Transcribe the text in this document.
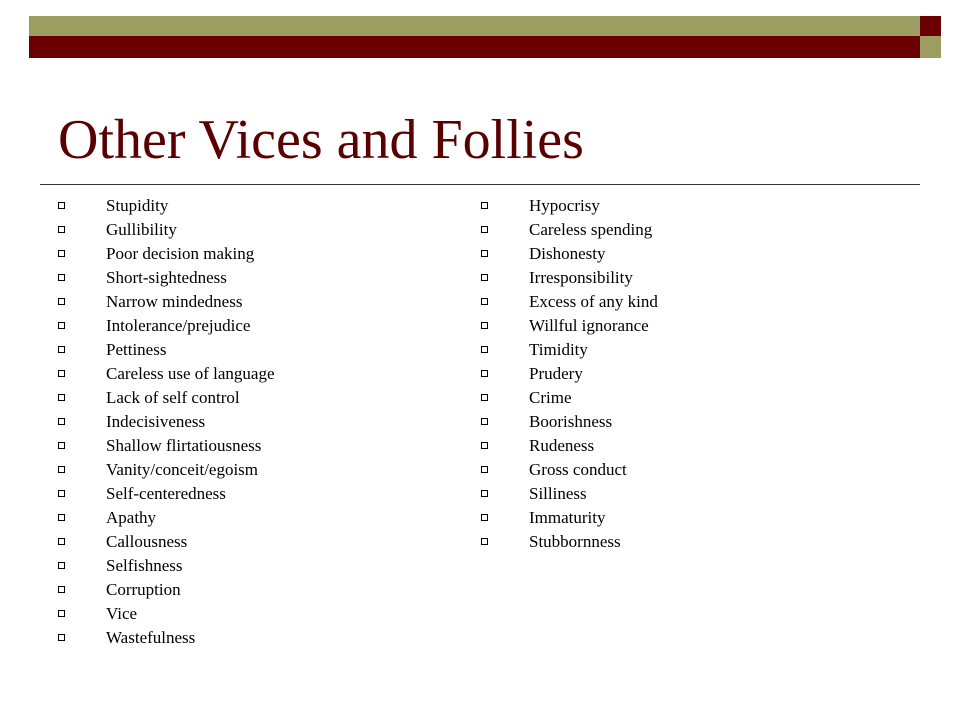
Other Vices and Follies
Stupidity
Gullibility
Poor decision making
Short-sightedness
Narrow mindedness
Intolerance/prejudice
Pettiness
Careless use of language
Lack of self control
Indecisiveness
Shallow flirtatiousness
Vanity/conceit/egoism
Self-centeredness
Apathy
Callousness
Selfishness
Corruption
Vice
Wastefulness
Hypocrisy
Careless spending
Dishonesty
Irresponsibility
Excess of any kind
Willful ignorance
Timidity
Prudery
Crime
Boorishness
Rudeness
Gross conduct
Silliness
Immaturity
Stubbornness
